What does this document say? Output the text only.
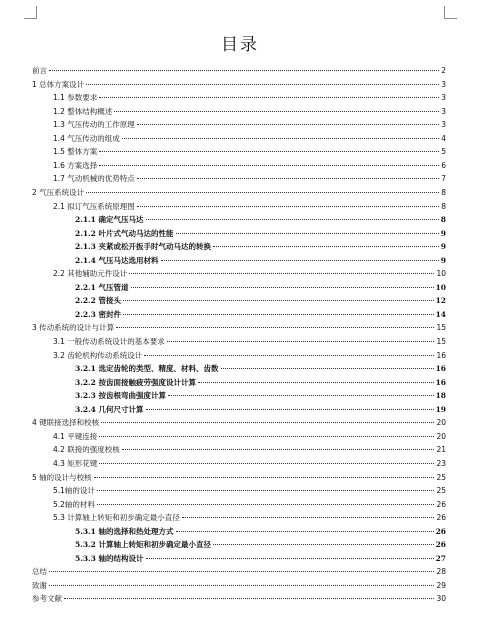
目录
前言	2
1 总体方案设计	3
1.1 参数要求	3
1.2 整体结构概述	3
1.3 气压传动的工作原理	3
1.4 气压传动的组成	4
1.5 整体方案	5
1.6 方案选择	6
1.7 气动机械的优势特点	7
2 气压系统设计	8
2.1 拟订气压系统原理图	8
2.1.1 确定气压马达	8
2.1.2 叶片式气动马达的性能	9
2.1.3 夹紧或松开扳手时气动马达的转换	9
2.1.4 气压马达选用材料	9
2.2 其他辅助元件设计	10
2.2.1 气压管道	10
2.2.2 管接头	12
2.2.3 密封件	14
3 传动系统的设计与计算	15
3.1 一般传动系统设计的基本要求	15
3.2 齿轮机构传动系统设计	16
3.2.1 选定齿轮的类型、精度、材料、齿数	16
3.2.2 按齿面接触疲劳强度设计计算	16
3.2.3 按齿根弯曲强度计算	18
3.2.4 几何尺寸计算	19
4 键联接选择和校核	20
4.1 平键连接	20
4.2 联接的强度校核	21
4.3 矩形花键	23
5 轴的设计与校核	25
5.1轴的设计	25
5.2轴的材料	26
5.3 计算轴上转矩和初步确定最小直径	26
5.3.1 轴的选择和热处理方式	26
5.3.2 计算轴上转矩和初步确定最小直径	26
5.3.3 轴的结构设计	27
总结	28
致谢	29
参考文献	30
